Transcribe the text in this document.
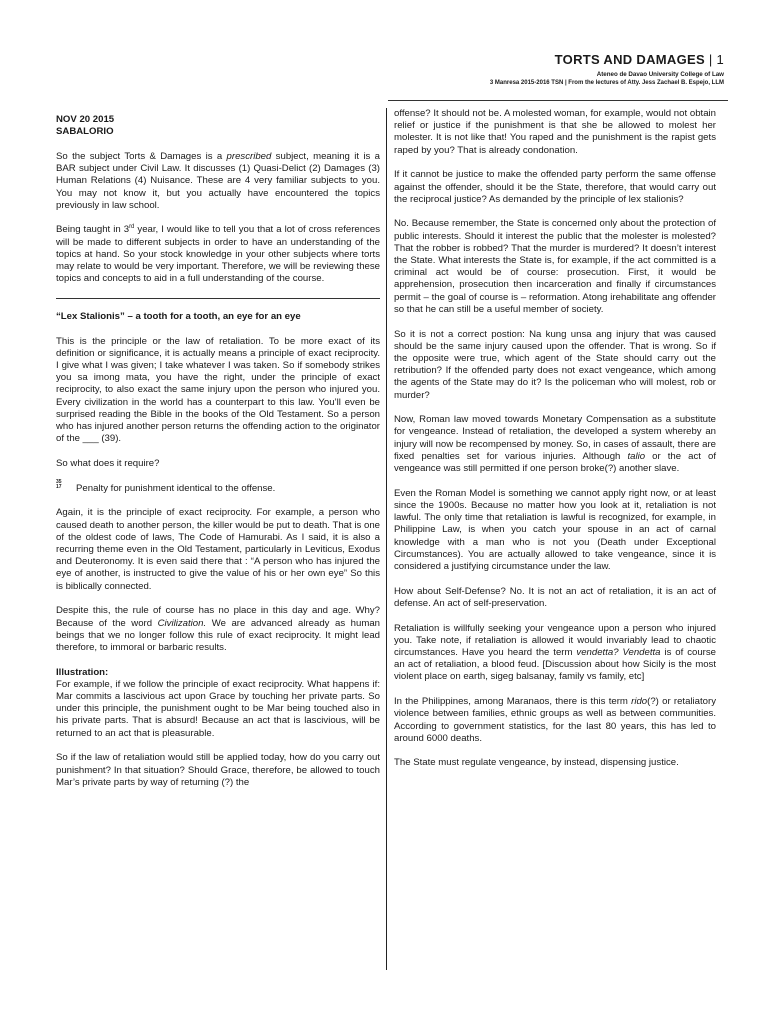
TORTS AND DAMAGES | 1
Ateneo de Davao University College of Law
3 Manresa 2015-2016 TSN | From the lectures of Atty. Jess Zachael B. Espejo, LLM
NOV 20 2015

SABALORIO

So the subject Torts & Damages is a prescribed subject, meaning it is a BAR subject under Civil Law. It discusses (1) Quasi-Delict (2) Damages (3) Human Relations (4) Nuisance. These are 4 very familiar subjects to you. You may not know it, but you actually have encountered the topics previously in law school.

Being taught in 3rd year, I would like to tell you that a lot of cross references will be made to different subjects in order to have an understanding of the topics at hand. So your stock knowledge in your other subjects where torts may relate to would be very important. Therefore, we will be reviewing these topics and concepts to aid in a full understanding of the course.

“Lex Stalionis” – a tooth for a tooth, an eye for an eye

This is the principle or the law of retaliation. To be more exact of its definition or significance, it is actually means a principle of exact reciprocity. I give what I was given; I take whatever I was taken. So if somebody strikes you sa imong mata, you have the right, under the principle of exact reciprocity, to also exact the same injury upon the person who injured you. Every civilization in the world has a counterpart to this law. You’ll even be surprised reading the Bible in the books of the Old Testament. So a person who has injured another person returns the offending action to the originator of the ___ (39).

So what does it require?

35
17 Penalty for punishment identical to the offense.

Again, it is the principle of exact reciprocity. For example, a person who caused death to another person, the killer would be put to death. That is one of the oldest code of laws, The Code of Hamurabi. As I said, it is also a recurring theme even in the Old Testament, particularly in Leviticus, Exodus and Deuteronomy. It is even said there that : “A person who has injured the eye of another, is instructed to give the value of his or her own eye” So this is biblically connected.

Despite this, the rule of course has no place in this day and age. Why? Because of the word Civilization. We are advanced already as human beings that we no longer follow this rule of exact reciprocity. It might lead therefore, to immoral or barbaric results.

Illustration:

For example, if we follow the principle of exact reciprocity. What happens if: Mar commits a lascivious act upon Grace by touching her private parts. So under this principle, the punishment ought to be Mar being touched also in his private parts. That is absurd! Because an act that is lascivious, will be returned to an act that is pleasurable.

So if the law of retaliation would still be applied today, how do you carry out punishment? In that situation? Should Grace, therefore, be allowed to touch Mar’s private parts by way of returning (?) the

offense? It should not be. A molested woman, for example, would not obtain relief or justice if the punishment is that she be allowed to molest her molester. It is not like that! You raped and the punishment is the rapist gets raped by you? That is already condonation.

If it cannot be justice to make the offended party perform the same offense against the offender, should it be the State, therefore, that would carry out the reciprocal justice? As demanded by the principle of lex stalionis?

No. Because remember, the State is concerned only about the protection of public interests. Should it interest the public that the molester is molested? That the robber is robbed? That the murder is murdered? It doesn’t interest the State. What interests the State is, for example, if the act committed is a criminal act would be of course: prosecution. First, it would be apprehension, prosecution then incarceration and finally if circumstances permit – the goal of course is – reformation. Atong irehabilitate ang offender so that he can still be a useful member of society.

So it is not a correct postion: Na kung unsa ang injury that was caused should be the same injury caused upon the offender. That is wrong. So if the opposite were true, which agent of the State should carry out the retribution? If the offended party does not exact vengeance, which among the agents of the State may do it? Is the policeman who will molest, rob or murder?

Now, Roman law moved towards Monetary Compensation as a substitute for vengeance. Instead of retaliation, the developed a system whereby an injury will now be recompensed by money. So, in cases of assault, there are fixed penalties set for various injuries. Although talio or the act of vengeance was still permitted if one person broke(?) another slave.

Even the Roman Model is something we cannot apply right now, or at least since the 1900s. Because no matter how you look at it, retaliation is not lawful. The only time that retaliation is lawful is recognized, for example, in Philippine Law, is when you catch your spouse in an act of carnal knowledge with a man who is not you (Death under Exceptional Circumstances). You are actually allowed to take vengeance, since it is considered a justifying circumstance under the law.

How about Self-Defense? No. It is not an act of retaliation, it is an act of defense. An act of self-preservation.

Retaliation is willfully seeking your vengeance upon a person who injured you. Take note, if retaliation is allowed it would invariably lead to chaotic circumstances. Have you heard the term vendetta? Vendetta is of course an act of retaliation, a blood feud. [Discussion about how Sicily is the most violent place on earth, sigeg balsanay, family vs family, etc]

In the Philippines, among Maranaos, there is this term rido(?) or retaliatory violence between families, ethnic groups as well as between communities. According to government statistics, for the last 80 years, this has led to around 6000 deaths.

The State must regulate vengeance, by instead, dispensing justice.
